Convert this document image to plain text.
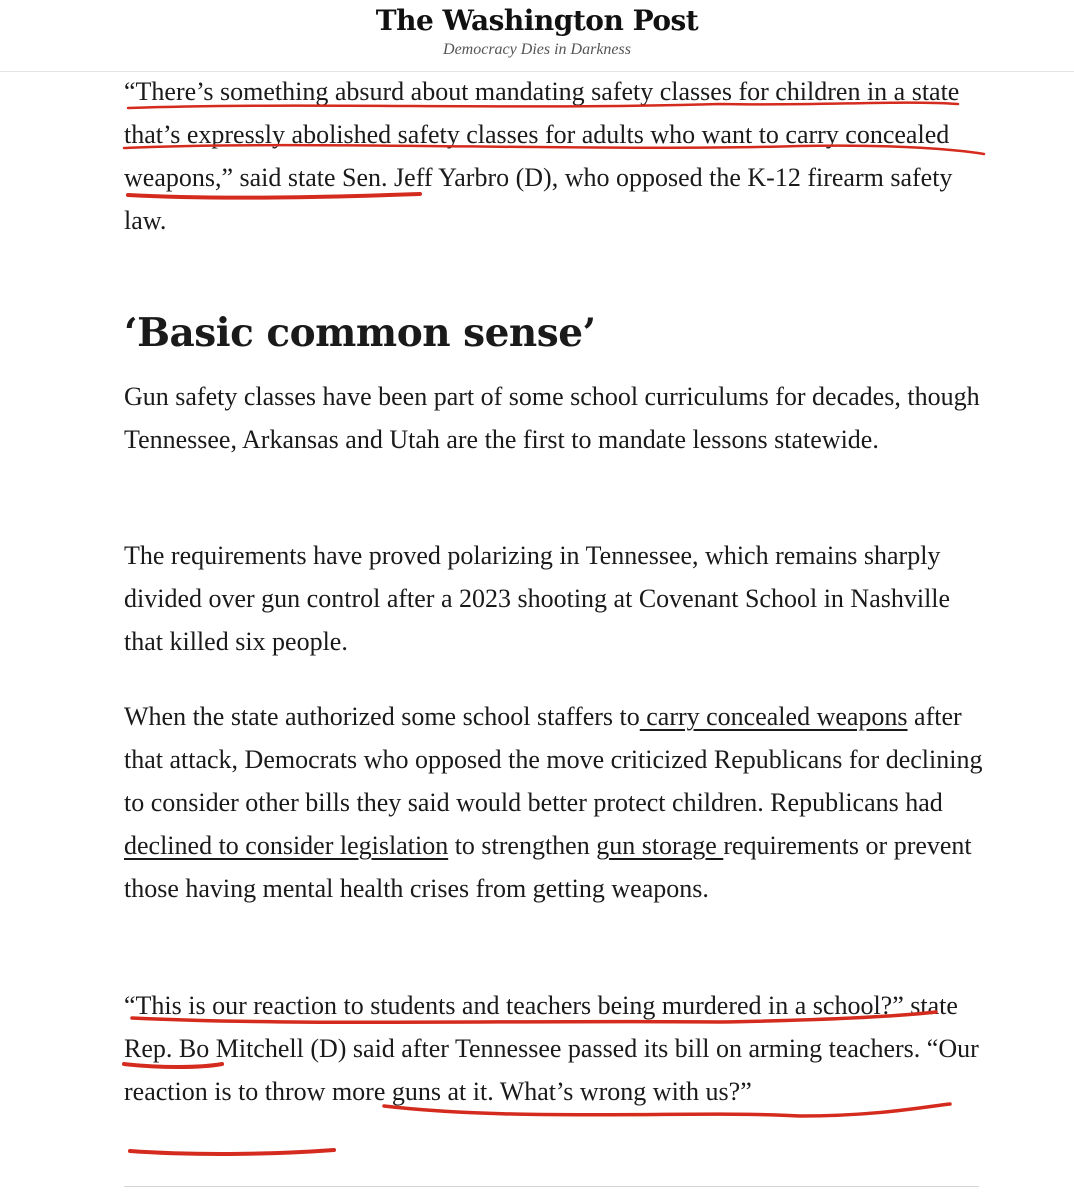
The Washington Post
Democracy Dies in Darkness

“There’s something absurd about mandating safety classes for children in a state that’s expressly abolished safety classes for adults who want to carry concealed weapons,” said state Sen. Jeff Yarbro (D), who opposed the K-12 firearm safety law.

‘Basic common sense’

Gun safety classes have been part of some school curriculums for decades, though Tennessee, Arkansas and Utah are the first to mandate lessons statewide.

The requirements have proved polarizing in Tennessee, which remains sharply divided over gun control after a 2023 shooting at Covenant School in Nashville that killed six people.

When the state authorized some school staffers to carry concealed weapons after that attack, Democrats who opposed the move criticized Republicans for declining to consider other bills they said would better protect children. Republicans had declined to consider legislation to strengthen gun storage requirements or prevent those having mental health crises from getting weapons.

“This is our reaction to students and teachers being murdered in a school?” state Rep. Bo Mitchell (D) said after Tennessee passed its bill on arming teachers. “Our reaction is to throw more guns at it. What’s wrong with us?”
